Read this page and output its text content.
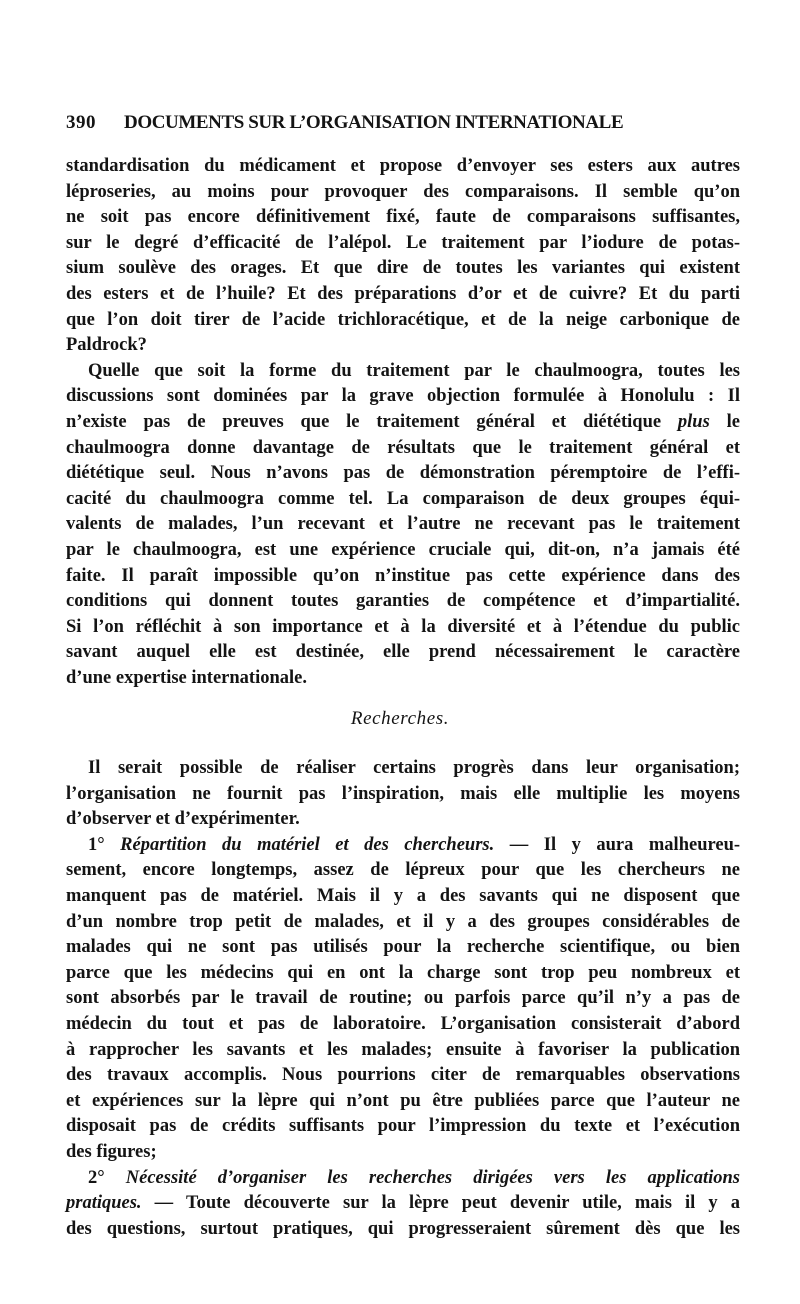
390 DOCUMENTS SUR L’ORGANISATION INTERNATIONALE
standardisation du médicament et propose d’envoyer ses esters aux autres
léproseries, au moins pour provoquer des comparaisons. Il semble qu’on
ne soit pas encore définitivement fixé, faute de comparaisons suffisantes,
sur le degré d’efficacité de l’alépol. Le traitement par l’iodure de potas-
sium soulève des orages. Et que dire de toutes les variantes qui existent
des esters et de l’huile? Et des préparations d’or et de cuivre? Et du parti
que l’on doit tirer de l’acide trichloracétique, et de la neige carbonique de
Paldrock?
Quelle que soit la forme du traitement par le chaulmoogra, toutes les
discussions sont dominées par la grave objection formulée à Honolulu : Il
n’existe pas de preuves que le traitement général et diététique plus le
chaulmoogra donne davantage de résultats que le traitement général et
diététique seul. Nous n’avons pas de démonstration péremptoire de l’effi-
cacité du chaulmoogra comme tel. La comparaison de deux groupes équi-
valents de malades, l’un recevant et l’autre ne recevant pas le traitement
par le chaulmoogra, est une expérience cruciale qui, dit-on, n’a jamais été
faite. Il paraît impossible qu’on n’institue pas cette expérience dans des
conditions qui donnent toutes garanties de compétence et d’impartialité.
Si l’on réfléchit à son importance et à la diversité et à l’étendue du public
savant auquel elle est destinée, elle prend nécessairement le caractère
d’une expertise internationale.
Recherches.
Il serait possible de réaliser certains progrès dans leur organisation;
l’organisation ne fournit pas l’inspiration, mais elle multiplie les moyens
d’observer et d’expérimenter.
1° Répartition du matériel et des chercheurs. — Il y aura malheureu-
sement, encore longtemps, assez de lépreux pour que les chercheurs ne
manquent pas de matériel. Mais il y a des savants qui ne disposent que
d’un nombre trop petit de malades, et il y a des groupes considérables de
malades qui ne sont pas utilisés pour la recherche scientifique, ou bien
parce que les médecins qui en ont la charge sont trop peu nombreux et
sont absorbés par le travail de routine; ou parfois parce qu’il n’y a pas de
médecin du tout et pas de laboratoire. L’organisation consisterait d’abord
à rapprocher les savants et les malades; ensuite à favoriser la publication
des travaux accomplis. Nous pourrions citer de remarquables observations
et expériences sur la lèpre qui n’ont pu être publiées parce que l’auteur ne
disposait pas de crédits suffisants pour l’impression du texte et l’exécution
des figures;
2° Nécessité d’organiser les recherches dirigées vers les applications
pratiques. — Toute découverte sur la lèpre peut devenir utile, mais il y a
des questions, surtout pratiques, qui progresseraient sûrement dès que les
